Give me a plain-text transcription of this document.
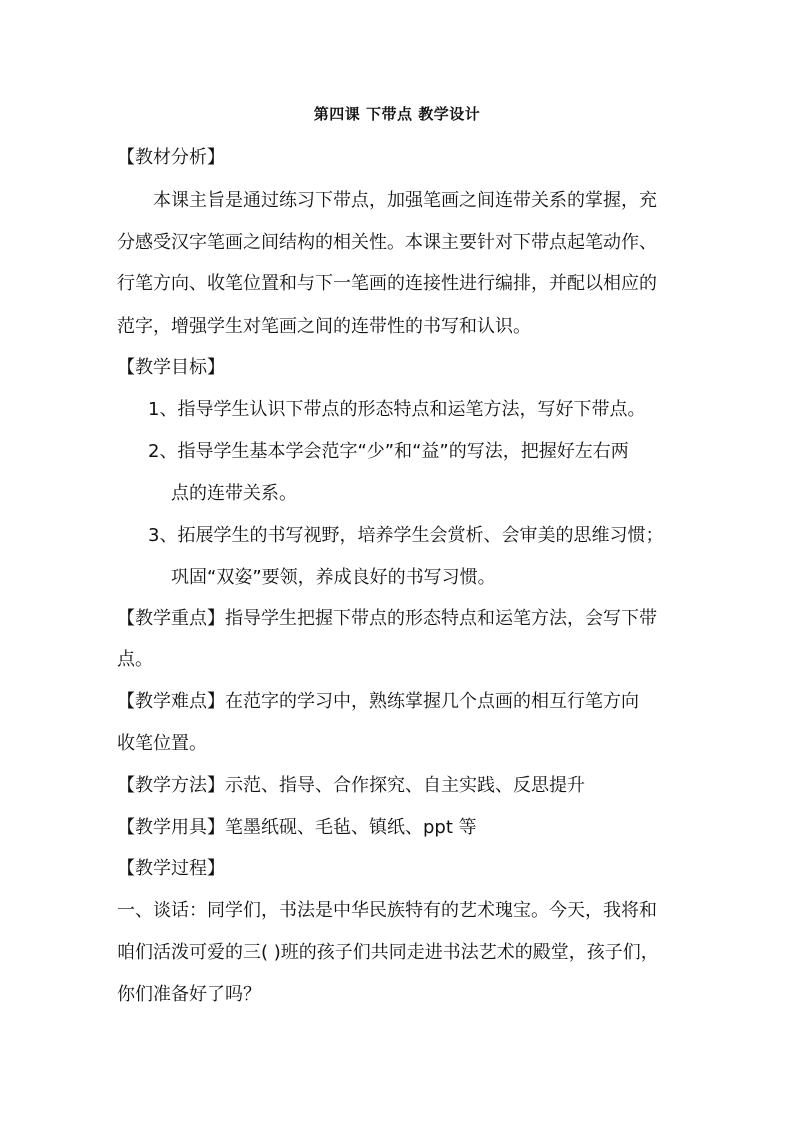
第四课 下带点 教学设计
【教材分析】
本课主旨是通过练习下带点，加强笔画之间连带关系的掌握，充
分感受汉字笔画之间结构的相关性。本课主要针对下带点起笔动作、
行笔方向、收笔位置和与下一笔画的连接性进行编排，并配以相应的
范字，增强学生对笔画之间的连带性的书写和认识。
【教学目标】
1、指导学生认识下带点的形态特点和运笔方法，写好下带点。
2、指导学生基本学会范字“少”和“益”的写法，把握好左右两
点的连带关系。
3、拓展学生的书写视野，培养学生会赏析、会审美的思维习惯；
巩固“双姿”要领，养成良好的书写习惯。
【教学重点】指导学生把握下带点的形态特点和运笔方法，会写下带
点。
【教学难点】在范字的学习中，熟练掌握几个点画的相互行笔方向
收笔位置。
【教学方法】示范、指导、合作探究、自主实践、反思提升
【教学用具】笔墨纸砚、毛毡、镇纸、ppt 等
【教学过程】
一、谈话：同学们，书法是中华民族特有的艺术瑰宝。今天，我将和
咱们活泼可爱的三( )班的孩子们共同走进书法艺术的殿堂，孩子们，
你们准备好了吗？
